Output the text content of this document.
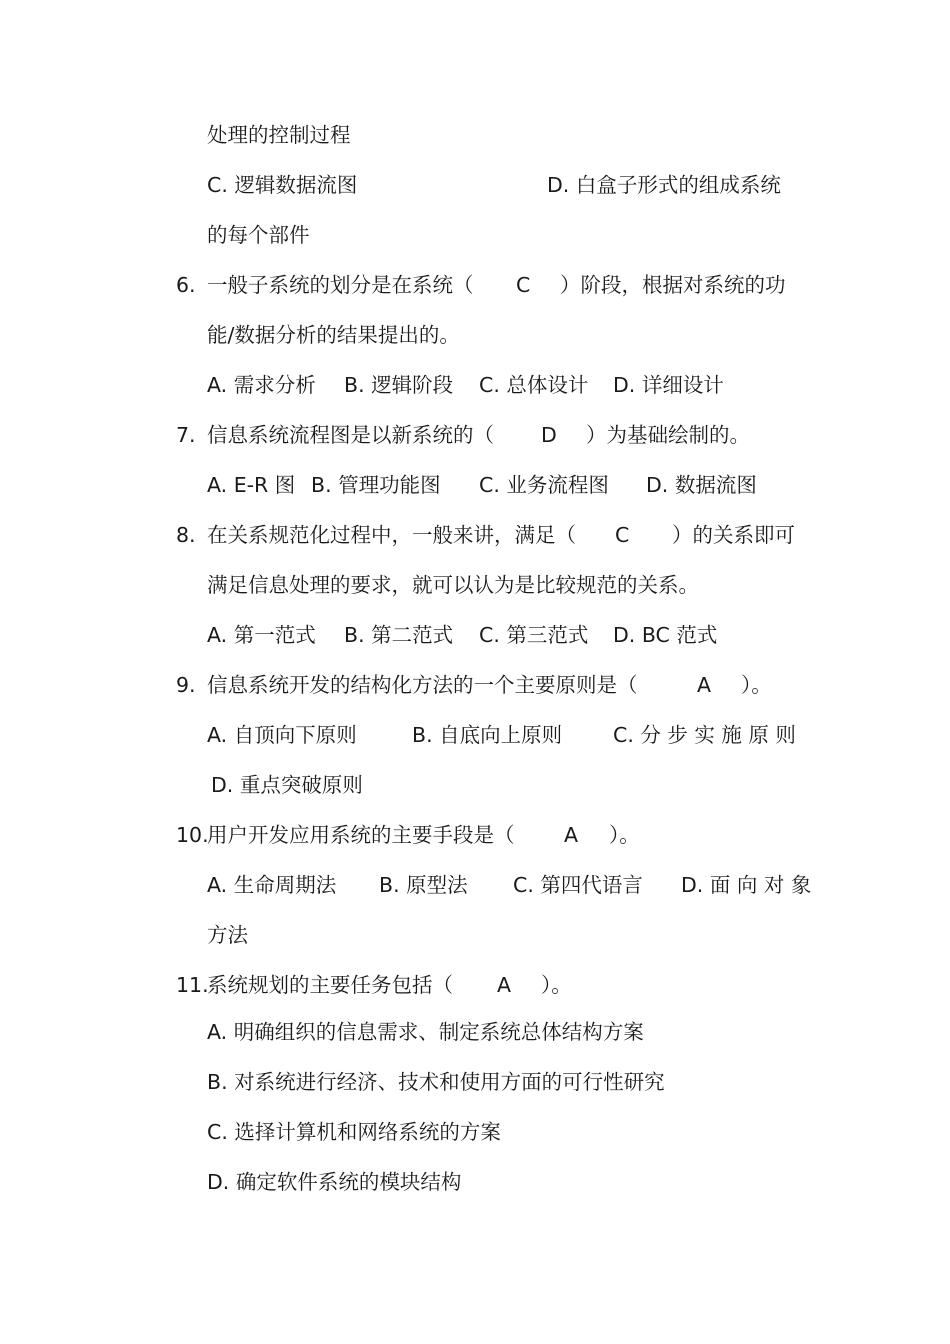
处理的控制过程
C. 逻辑数据流图	D. 白盒子形式的组成系统
的每个部件
6. 一般子系统的划分是在系统（ C ）阶段，根据对系统的功
能/数据分析的结果提出的。
A. 需求分析 B. 逻辑阶段 C. 总体设计 D. 详细设计
7. 信息系统流程图是以新系统的（ D ）为基础绘制的。
A. E-R 图 B. 管理功能图 C. 业务流程图 D. 数据流图
8. 在关系规范化过程中，一般来讲，满足（ C ）的关系即可
满足信息处理的要求，就可以认为是比较规范的关系。
A. 第一范式 B. 第二范式 C. 第三范式 D. BC 范式
9. 信息系统开发的结构化方法的一个主要原则是（	A ）。
A. 自顶向下原则	B. 自底向上原则 C. 分 步 实 施 原 则
D. 重点突破原则
10.
用户开发应用系统的主要手段是（ A ）。
A. 生命周期法 B. 原型法 C. 第四代语言 D. 面 向 对 象
方法
11.
系统规划的主要任务包括（ A ）。
A. 明确组织的信息需求、制定系统总体结构方案
B. 对系统进行经济、技术和使用方面的可行性研究
C. 选择计算机和网络系统的方案
D. 确定软件系统的模块结构
